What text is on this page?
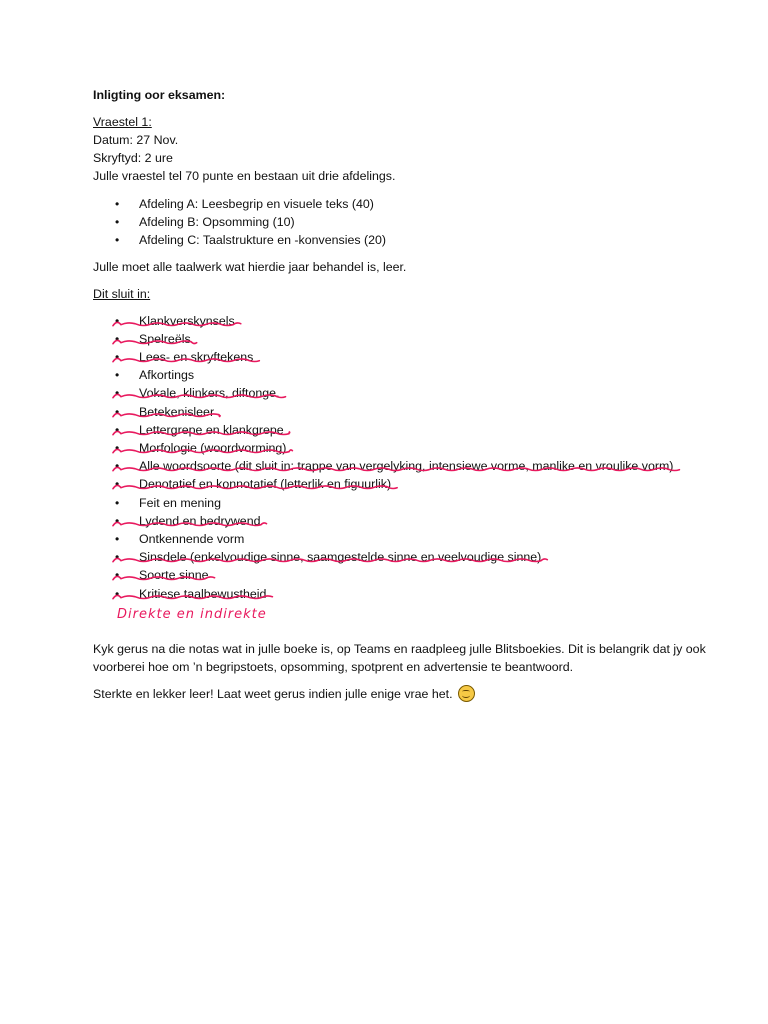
Inligting oor eksamen:

Vraestel 1:

Datum: 27 Nov.

Skryftyd: 2 ure

Julle vraestel tel 70 punte en bestaan uit drie afdelings.

• Afdeling A: Leesbegrip en visuele teks (40)
• Afdeling B: Opsomming (10)
• Afdeling C: Taalstrukture en -konvensies (20)

Julle moet alle taalwerk wat hierdie jaar behandel is, leer.

Dit sluit in:

• Klankverskynsels
• Spelreëls
• Lees- en skryftekens
• Afkortings
• Vokale, klinkers, diftonge.
• Betekenisleer
• Lettergrepe en klankgrepe
• Morfologie (woordvorming)
• Alle woordsoorte (dit sluit in: trappe van vergelyking, intensiewe vorme, manlike en vroulike vorm)
• Denotatief en konnotatief (letterlik en figuurlik)
• Feit en mening
• Lydend en bedrywend
• Ontkennende vorm
• Sinsdele (enkelvoudige sinne, saamgestelde sinne en veelvoudige sinne)
• Soorte sinne
• Kritiese taalbewustheid
Direkte en indirekte

Kyk gerus na die notas wat in julle boeke is, op Teams en raadpleeg julle Blitsboekies. Dit is belangrik dat jy ook voorberei hoe om ’n begripstoets, opsomming, spotprent en advertensie te beantwoord.

Sterkte en lekker leer! Laat weet gerus indien julle enige vrae het.
